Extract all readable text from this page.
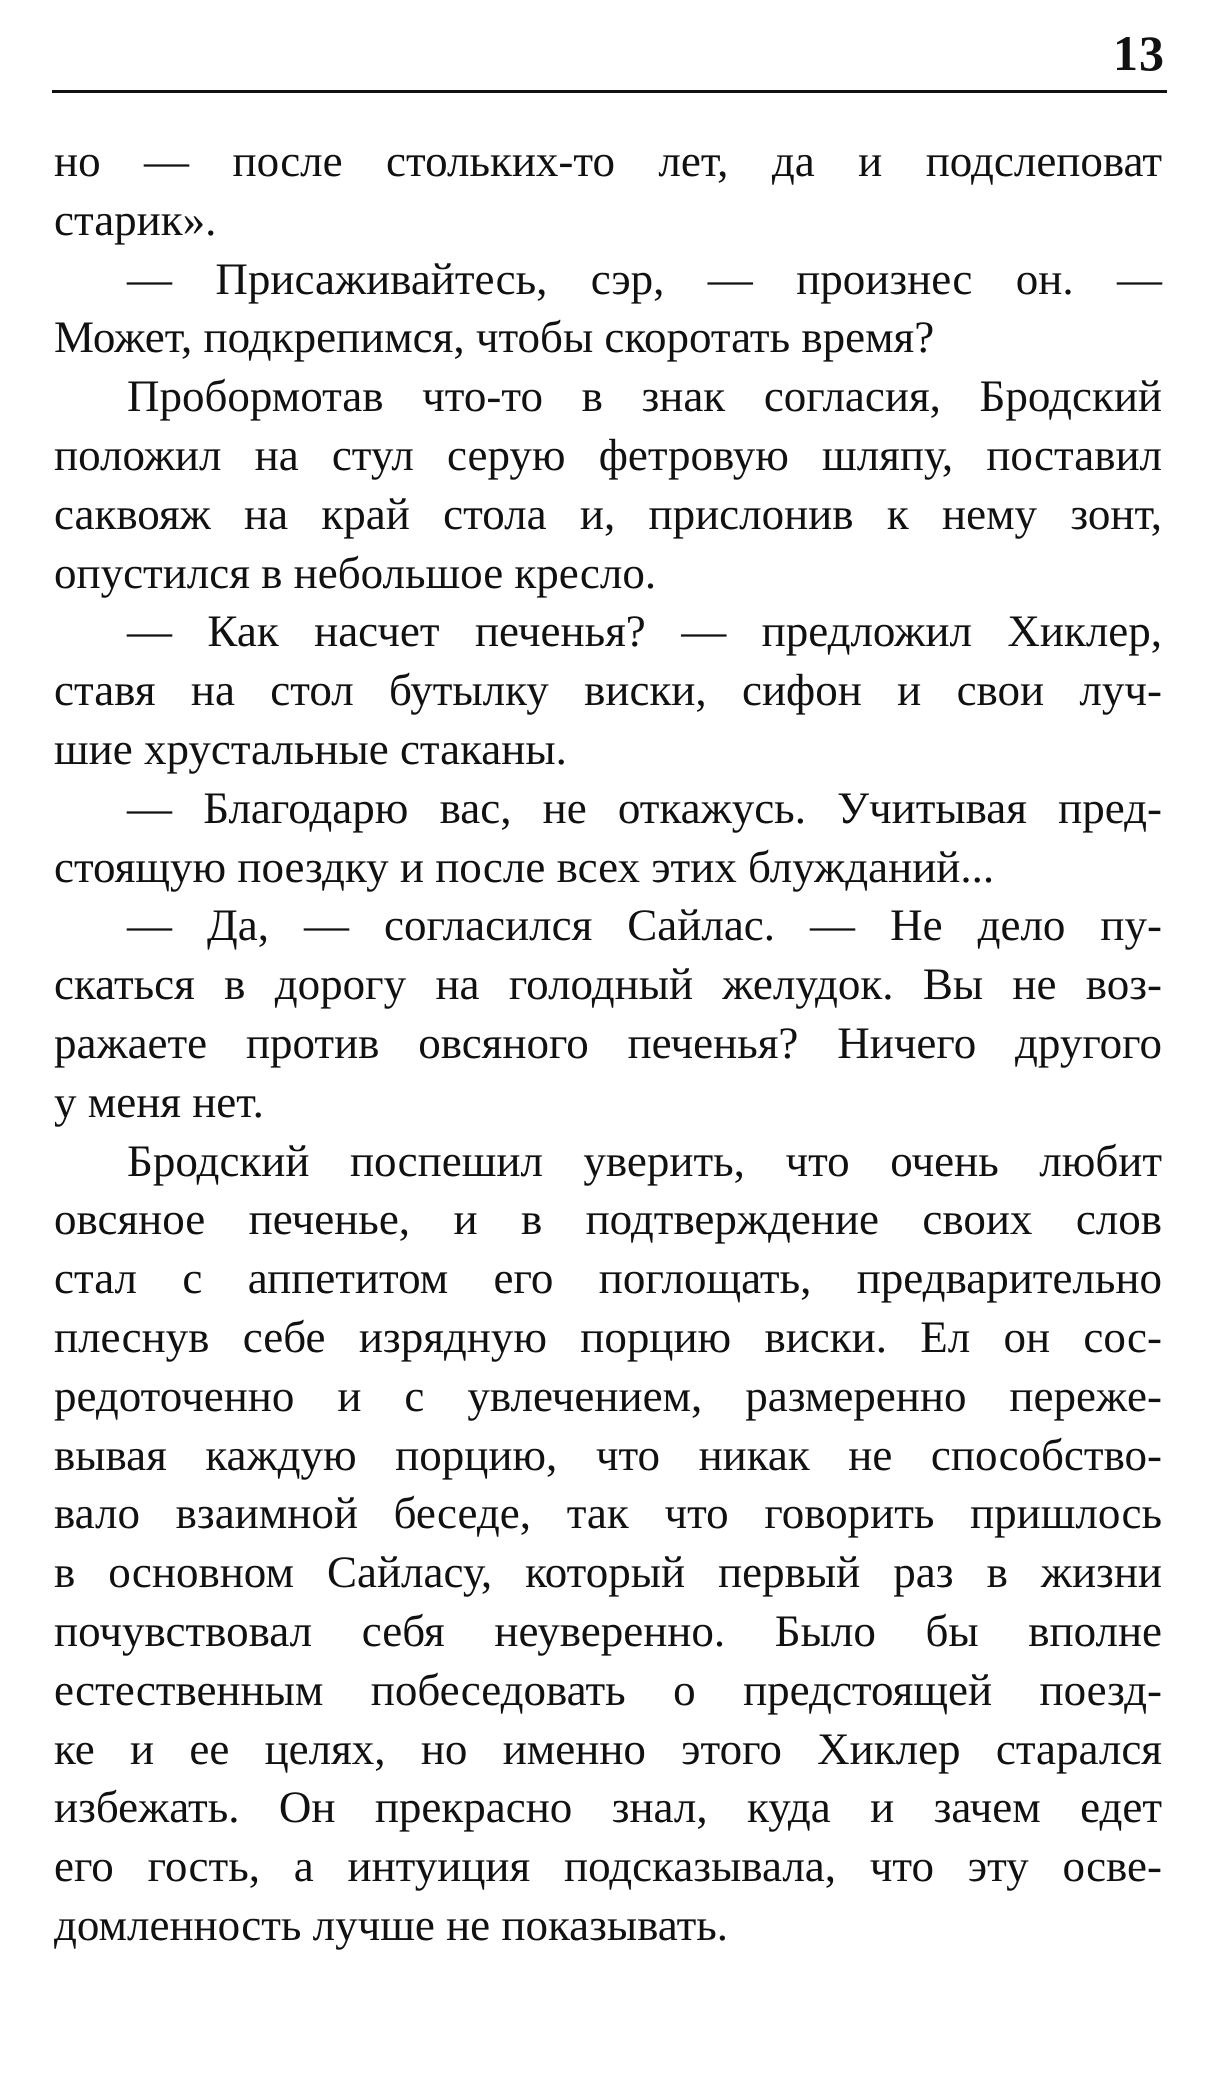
13
но — после стольких-то лет, да и подслеповат
старик».
— Присаживайтесь, сэр, — произнес он. —
Может, подкрепимся, чтобы скоротать время?
Пробормотав что-то в знак согласия, Бродский
положил на стул серую фетровую шляпу, поставил
саквояж на край стола и, прислонив к нему зонт,
опустился в небольшое кресло.
— Как насчет печенья? — предложил Хиклер,
ставя на стол бутылку виски, сифон и свои луч-
шие хрустальные стаканы.
— Благодарю вас, не откажусь. Учитывая пред-
стоящую поездку и после всех этих блужданий...
— Да, — согласился Сайлас. — Не дело пу-
скаться в дорогу на голодный желудок. Вы не воз-
ражаете против овсяного печенья? Ничего другого
у меня нет.
Бродский поспешил уверить, что очень любит
овсяное печенье, и в подтверждение своих слов
стал с аппетитом его поглощать, предварительно
плеснув себе изрядную порцию виски. Ел он сос-
редоточенно и с увлечением, размеренно пережe-
вывая каждую порцию, что никак не способство-
вало взаимной беседе, так что говорить пришлось
в основном Сайласу, который первый раз в жизни
почувствовал себя неуверенно. Было бы вполне
естественным побеседовать о предстоящей поезд-
ке и ее целях, но именно этого Хиклер старался
избежать. Он прекрасно знал, куда и зачем едет
его гость, а интуиция подсказывала, что эту осве-
домленность лучше не показывать.
